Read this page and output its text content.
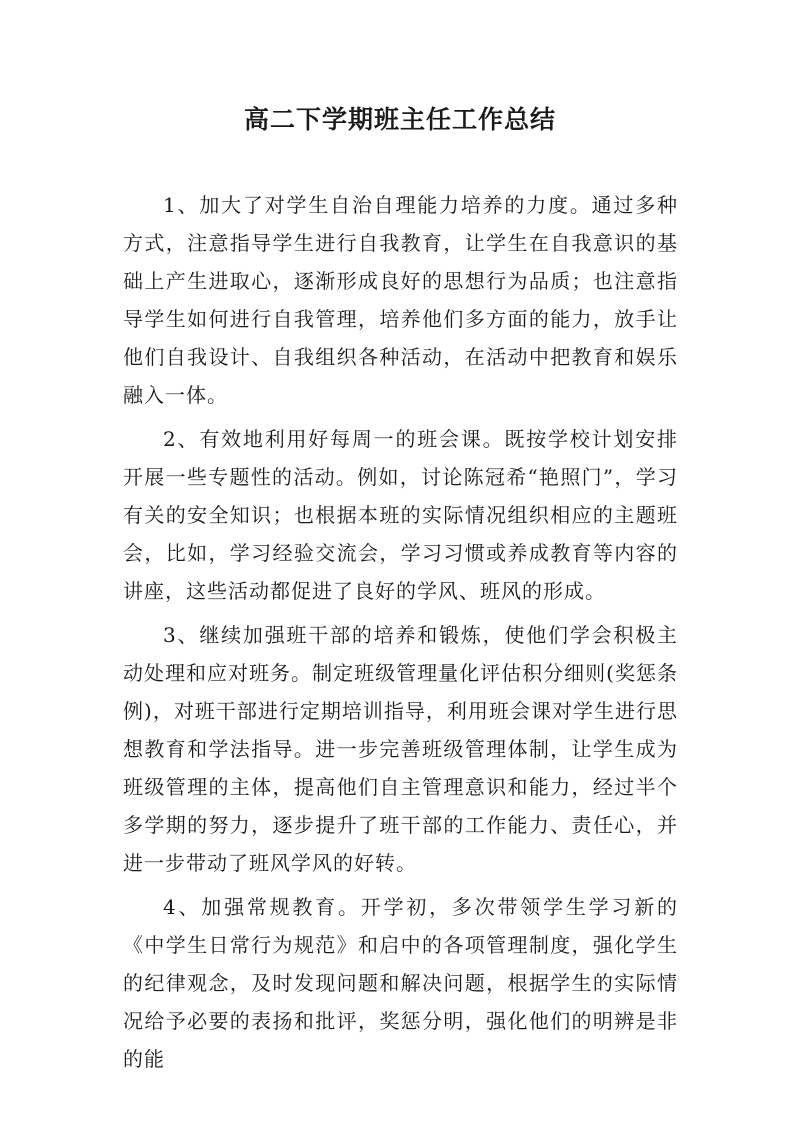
高二下学期班主任工作总结

1、加大了对学生自治自理能力培养的力度。通过多种方式，注意指导学生进行自我教育，让学生在自我意识的基础上产生进取心，逐渐形成良好的思想行为品质；也注意指导学生如何进行自我管理，培养他们多方面的能力，放手让他们自我设计、自我组织各种活动，在活动中把教育和娱乐融入一体。

2、有效地利用好每周一的班会课。既按学校计划安排开展一些专题性的活动。例如，讨论陈冠希“艳照门”，学习有关的安全知识；也根据本班的实际情况组织相应的主题班会，比如，学习经验交流会，学习习惯或养成教育等内容的讲座，这些活动都促进了良好的学风、班风的形成。

3、继续加强班干部的培养和锻炼，使他们学会积极主动处理和应对班务。制定班级管理量化评估积分细则(奖惩条例)，对班干部进行定期培训指导，利用班会课对学生进行思想教育和学法指导。进一步完善班级管理体制，让学生成为班级管理的主体，提高他们自主管理意识和能力，经过半个多学期的努力，逐步提升了班干部的工作能力、责任心，并进一步带动了班风学风的好转。

4、加强常规教育。开学初，多次带领学生学习新的《中学生日常行为规范》和启中的各项管理制度，强化学生的纪律观念，及时发现问题和解决问题，根据学生的实际情况给予必要的表扬和批评，奖惩分明，强化他们的明辨是非的能
